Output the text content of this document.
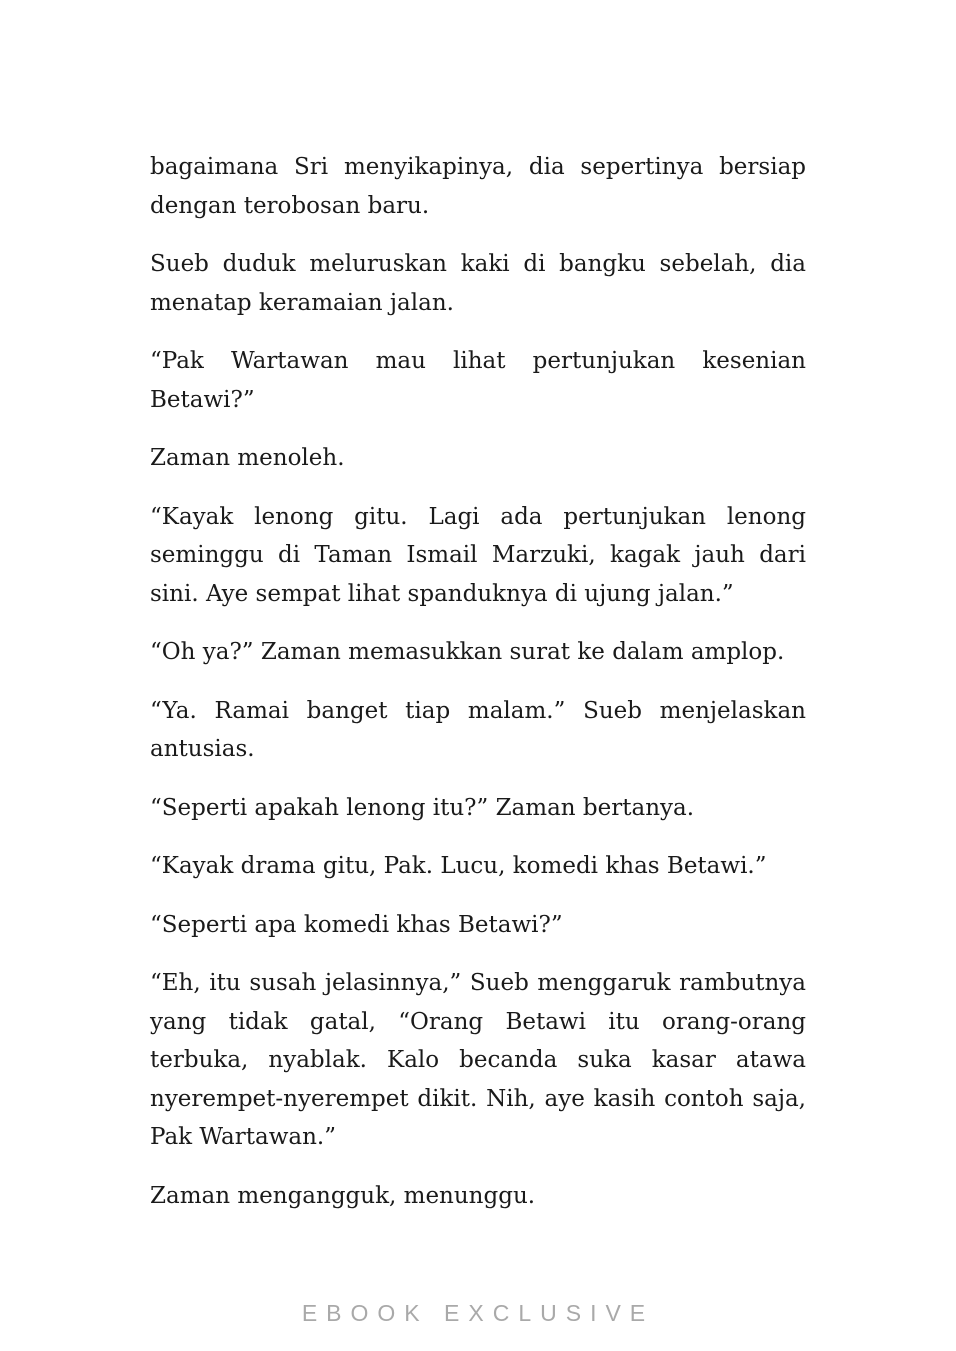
bagaimana Sri menyikapinya, dia sepertinya bersiap dengan terobosan baru.

Sueb duduk meluruskan kaki di bangku sebelah, dia menatap keramaian jalan.

“Pak Wartawan mau lihat pertunjukan kesenian Betawi?”

Zaman menoleh.

“Kayak lenong gitu. Lagi ada pertunjukan lenong seminggu di Taman Ismail Marzuki, kagak jauh dari sini. Aye sempat lihat spanduknya di ujung jalan.”

“Oh ya?” Zaman memasukkan surat ke dalam amplop.

“Ya. Ramai banget tiap malam.” Sueb menjelaskan antusias.

“Seperti apakah lenong itu?” Zaman bertanya.

“Kayak drama gitu, Pak. Lucu, komedi khas Betawi.”

“Seperti apa komedi khas Betawi?”

“Eh, itu susah jelasinnya,” Sueb menggaruk rambutnya yang tidak gatal, “Orang Betawi itu orang-orang terbuka, nyablak. Kalo becanda suka kasar atawa nyerempet-nyerempet dikit. Nih, aye kasih contoh saja, Pak Wartawan.”

Zaman mengangguk, menunggu.

EBOOK EXCLUSIVE
